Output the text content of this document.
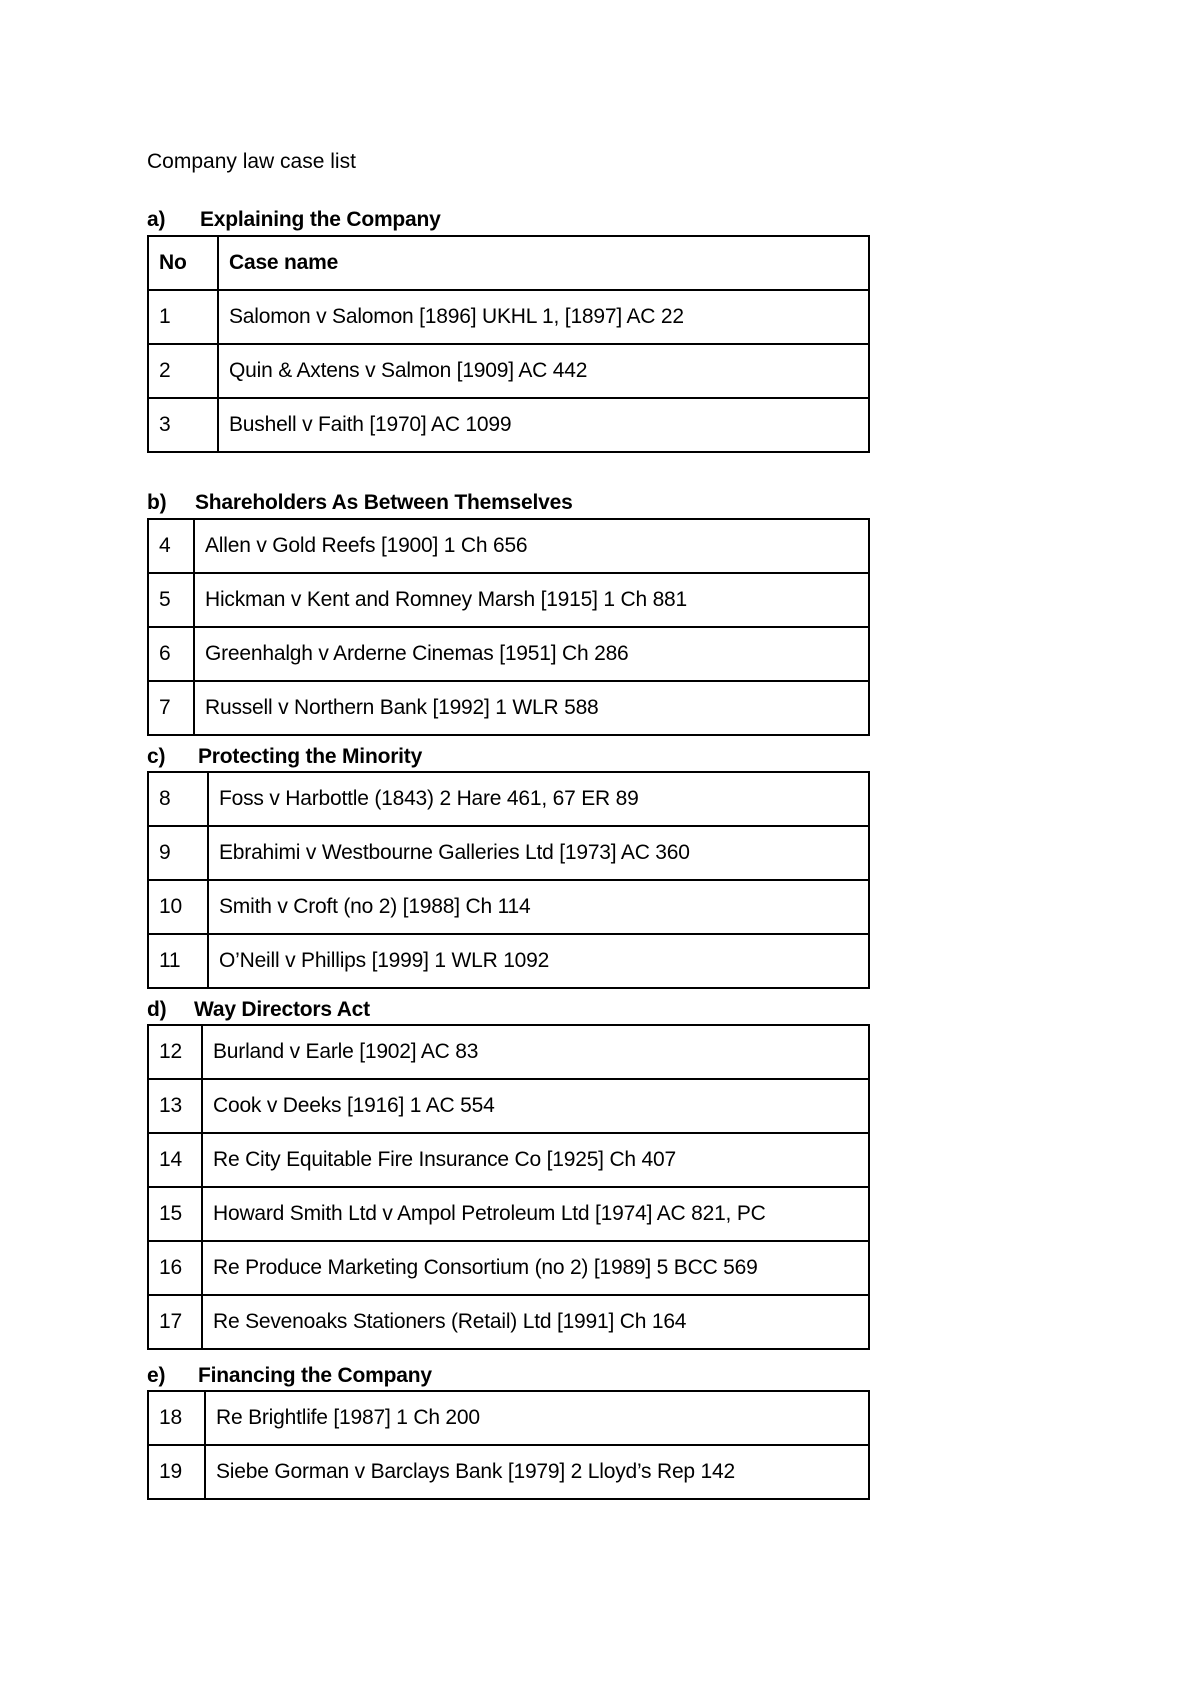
Company law case list
a) Explaining the Company
No	Case name
1	Salomon v Salomon [1896] UKHL 1, [1897] AC 22
2	Quin & Axtens v Salmon [1909] AC 442
3	Bushell v Faith [1970] AC 1099
b) Shareholders As Between Themselves
4	Allen v Gold Reefs [1900] 1 Ch 656
5	Hickman v Kent and Romney Marsh [1915] 1 Ch 881
6	Greenhalgh v Arderne Cinemas [1951] Ch 286
7	Russell v Northern Bank [1992] 1 WLR 588
c) Protecting the Minority
8	Foss v Harbottle (1843) 2 Hare 461, 67 ER 89
9	Ebrahimi v Westbourne Galleries Ltd [1973] AC 360
10	Smith v Croft (no 2) [1988] Ch 114
11	O’Neill v Phillips [1999] 1 WLR 1092
d) Way Directors Act
12	Burland v Earle [1902] AC 83
13	Cook v Deeks [1916] 1 AC 554
14	Re City Equitable Fire Insurance Co [1925] Ch 407
15	Howard Smith Ltd v Ampol Petroleum Ltd [1974] AC 821, PC
16	Re Produce Marketing Consortium (no 2) [1989] 5 BCC 569
17	Re Sevenoaks Stationers (Retail) Ltd [1991] Ch 164
e) Financing the Company
18	Re Brightlife [1987] 1 Ch 200
19	Siebe Gorman v Barclays Bank [1979] 2 Lloyd’s Rep 142
